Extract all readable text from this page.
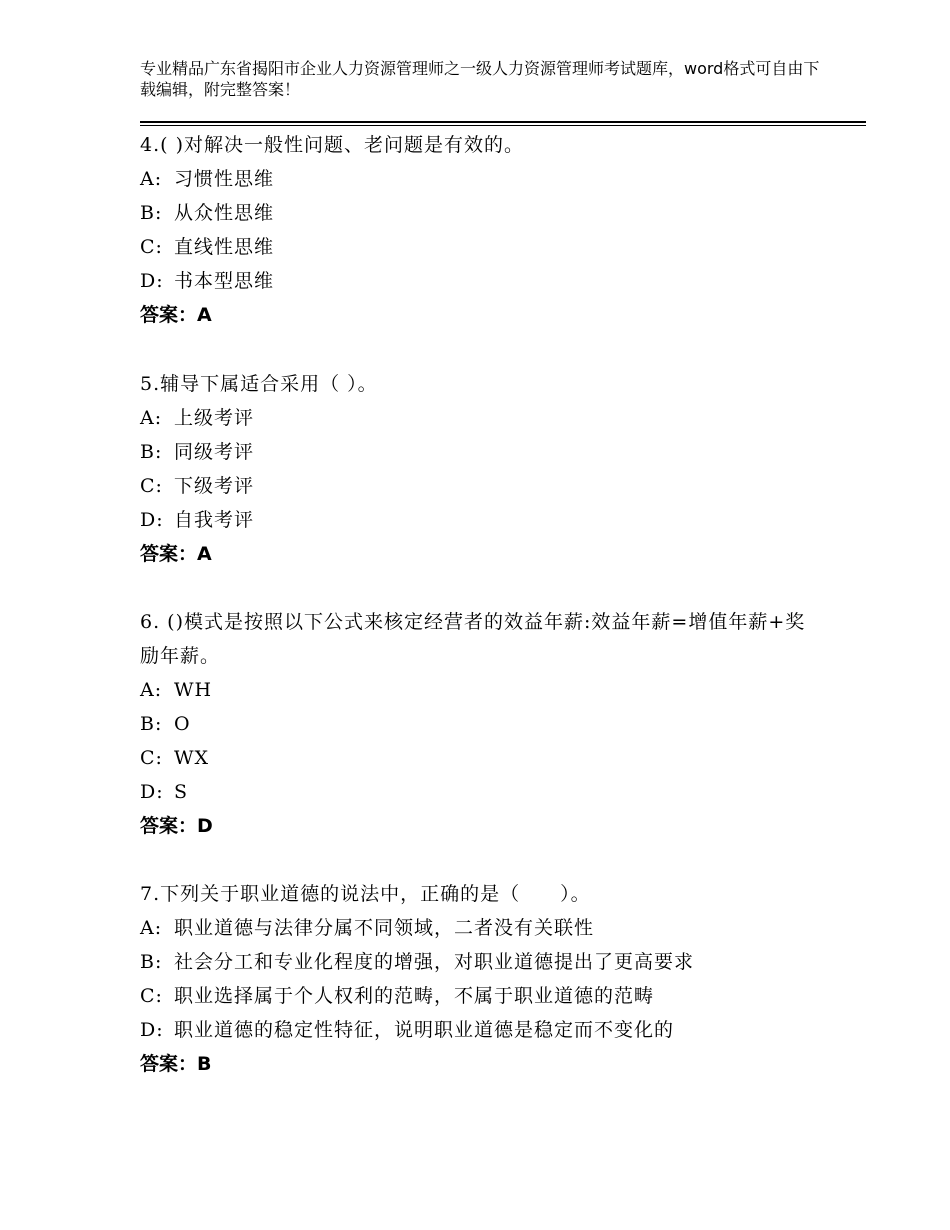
专业精品广东省揭阳市企业人力资源管理师之一级人力资源管理师考试题库，word格式可自由下载编辑，附完整答案！

4.( )对解决一般性问题、老问题是有效的。

A: 习惯性思维

B: 从众性思维

C: 直线性思维

D: 书本型思维

答案：A

5.辅导下属适合采用（ ）。

A: 上级考评

B: 同级考评

C: 下级考评

D: 自我考评

答案：A

6. ()模式是按照以下公式来核定经营者的效益年薪:效益年薪=增值年薪+奖励年薪。

A: WH

B: O

C: WX

D: S

答案：D

7.下列关于职业道德的说法中，正确的是（　　）。

A: 职业道德与法律分属不同领域，二者没有关联性

B: 社会分工和专业化程度的增强，对职业道德提出了更高要求

C: 职业选择属于个人权利的范畴，不属于职业道德的范畴

D: 职业道德的稳定性特征，说明职业道德是稳定而不变化的

答案：B
